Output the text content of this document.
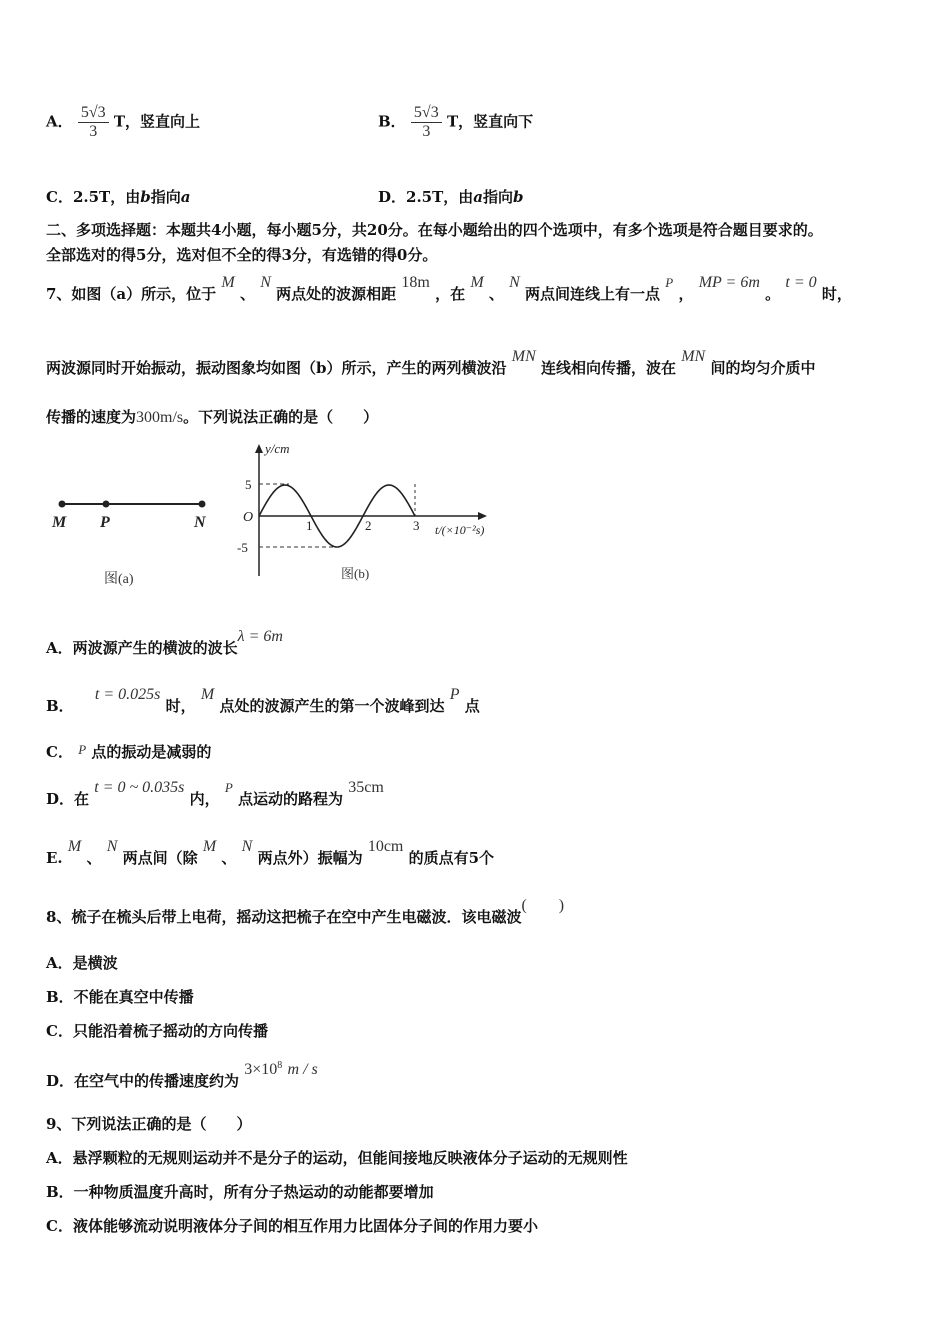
A． $\frac{5√3}{3}$ T，竖直向上	B． $\frac{5√3}{3}$ T，竖直向下
C．2.5T，由b指向a	D．2.5T，由a指向b
二、多项选择题：本题共4小题，每小题5分，共20分。在每小题给出的四个选项中，有多个选项是符合题目要求的。
全部选对的得5分，选对但不全的得3分，有选错的得0分。
7、如图（a）所示，位于 M 、 N 两点处的波源相距 18m ，在 M 、 N 两点间连线上有一点 P ， MP = 6m 。 t = 0 时，
两波源同时开始振动，振动图象均如图（b）所示，产生的两列横波沿 MN 连线相向传播，波在 MN 间的均匀介质中
传播的速度为300m/s。下列说法正确的是（　　）
M P	N
图(a)
y/cm
O
t/(×10⁻²s)
5
-5
1	2	3
图(b)
A．两波源产生的横波的波长λ = 6m
B． t = 0.025s 时， M 点处的波源产生的第一个波峰到达 P 点
C． P 点的振动是减弱的
D．在 t = 0 ~ 0.035s 内， P 点运动的路程为 35cm
E. M 、 N 两点间（除 M 、 N 两点外）振幅为 10cm 的质点有5个
8、梳子在梳头后带上电荷，摇动这把梳子在空中产生电磁波．该电磁波(　　)
A．是横波
B．不能在真空中传播
C．只能沿着梳子摇动的方向传播
D．在空气中的传播速度约为 $3\times 10^8$ m / s
9、下列说法正确的是（　　）
A．悬浮颗粒的无规则运动并不是分子的运动，但能间接地反映液体分子运动的无规则性
B．一种物质温度升高时，所有分子热运动的动能都要增加
C．液体能够流动说明液体分子间的相互作用力比固体分子间的作用力要小
